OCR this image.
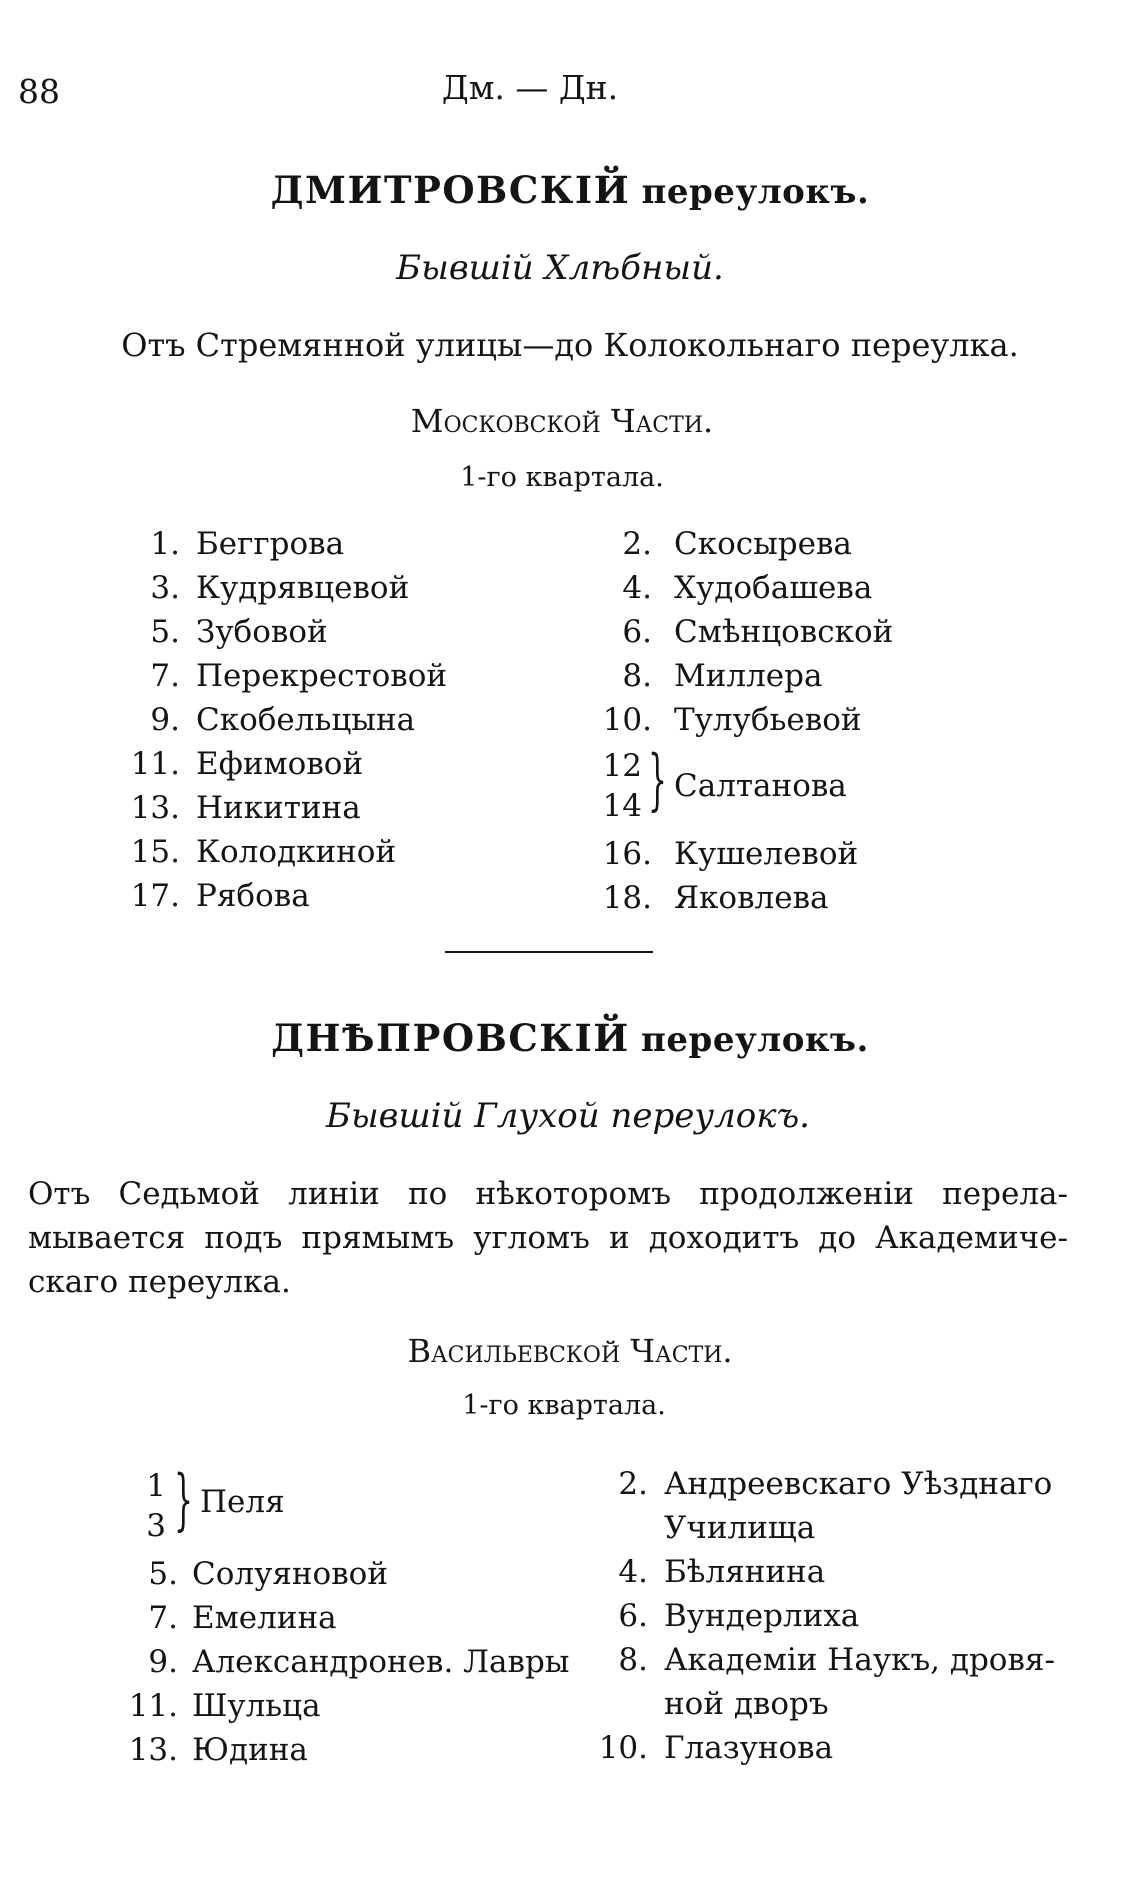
88	Дм. — Дн.
ДМИТРОВСКІЙ переулокъ.
Бывшій Хлѣбный.
Отъ Стремянной улицы—до Колокольнаго переулка.
Московской Части.
1-го квартала.
1. Беггрова
3. Кудрявцевой
5. Зубовой
7. Перекрестовой
9. Скобельцына
11. Ефимовой
13. Никитина
15. Колодкиной
17. Рябова
2. Скосырева
4. Худобашева
6. Смѣнцовской
8. Миллера
10. Тулубьевой
16. Кушелевой
18. Яковлева
12
14 } Салтанова
ДНѢПРОВСКІЙ переулокъ.
Бывшій Глухой переулокъ.
Отъ Седьмой линіи по нѣкоторомъ продолженіи перела- мывается подъ прямымъ угломъ и доходитъ до Академиче- скаго переулка.
Васильевской Части.
1-го квартала.
1
3 } Пеля
5. Солуяновой
7. Емелина
9. Александронев. Лавры
11. Шульца
13. Юдина
2. Андреевскаго Уѣзднаго
Училища
4. Бѣлянина
6. Вундерлиха
8. Академіи Наукъ, дровя-
ной дворъ
10. Глазунова
